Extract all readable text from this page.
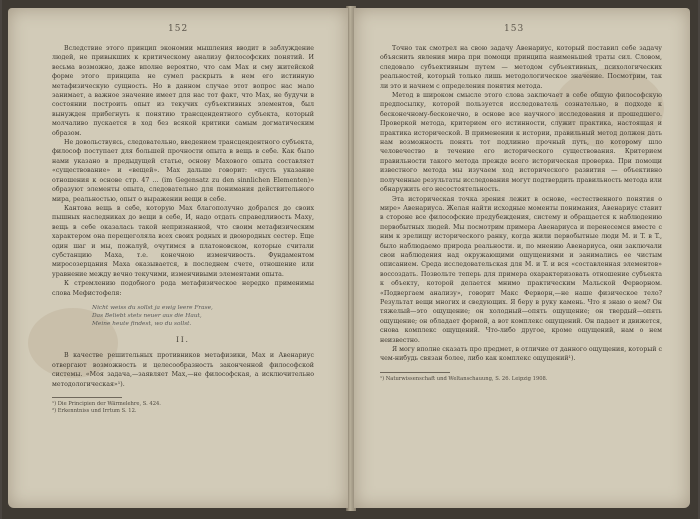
152

Вследствие этого принцип экономии мышления вводит в заблуждение людей, не привыкших к критическому анализу философских понятий. И весьма возможно, даже вполне вероятно, что сам Мах и сму житейской форме этого принципа не сумел раскрыть в нем его истинную метафизическую сущность. Но в данном случае этот вопрос нас мало занимает, а важное значение имеет для нас тот факт, что Мах, не будучи в состоянии построить опыт из текучих субъективных элементов, был вынужден прибегнуть к понятию трансцендентного субъекта, который молчаливо пускается в ход без всякой критики самым догматическим образом.

Не довольствуясь, следовательно, введением трансцендентного субъекта, философ поступает для большей прочности опыта в вещь в себе. Как было нами указано в предыдущей статье, основу Махового опыта составляет «существование» и «вещей». Мах дальше говорит: «пусть указание отношения к основе стр. 47 ... (im Gegensatz zu den sinnlichen Elementen)» образуют элементы опыта, следовательно для понимания действительного мира, реальностью, опыт о выражении вещи в себе.

Кантова вещь в себе, которую Мах благополучно добрался до своих пышных наследниках до вещи в себе, И, надо отдать справедливость Маху, вещь в себе оказалась такой непризнанной, что своим метафизическим характером она перещеголяла всех своих родных и двоюродных сестер. Еще один шаг и мы, пожалуй, очутимся в платоновском, которые считали субстанцию Маха, т.е. конечною изменчивость. Фундаментом миросозерцания Маха оказывается, в последнем счете, отношение или уравнение между вечно текучими, изменчивыми элементами опыта.

К стремлению подобного рода метафизическое нередко применимы слова Мефистофеля:

Nicht weiss du sollst ja ewig leere Frase,
Das Beliebt stets neuer aus die Haut,
Meine heute findest, wo du sollst.

II.

В качестве решительных противников метафизики, Мах и Авенариус отвергают возможность и целесообразность законченной философской системы. «Моя задача,—заявляет Мах,—не философская, а исключительно методологическая»¹).

¹) Die Principien der Wärmelehre, S. 424.

²) Erkenntniss und Irrtum S. 12.

153

Точно так смотрел на свою задачу Авенариус, который поставил себе задачу объяснить явления мира при помощи принципа наименьшей траты сил. Словом, следовало субъективным путем — методом субъективных, психологических реальностей, который только лишь методологическое значение. Посмотрим, так ли это и начнем с определения понятия метода.

Метод в широком смысле этого слова заключает в себе общую философскую предпосылку, которой пользуется исследователь сознательно, в подходе к бесконечному-бесконечно, в основе все научного исследования и прошедшего. Проверкой метода, критерием его истинности, служит практика, настоящая и практика исторической. В применении к истории, правильный метод должен дать нам возможность понять тот подлинно прочный путь, по которому шло человечество в течение его исторического существования. Критерием правильности такого метода прежде всего историческая проверка. При помощи известного метода мы изучаем ход исторического развития — объективно полученные результаты исследования могут подтвердить правильность метода или обнаружить его несостоятельность.

Эта историческая точка зрения лежит в основе, «естественного понятия о мире» Авенариуса. Желая найти исходные моменты понимания, Авенариус ставит в стороне все философские предубеждения, систему и обращается к наблюдению первобытных людей. Мы посмотрим примера Авенариуса и перенесемся вместе с ним к зрелищу исторического ранку, когда жили первобытные люди M. и T. в T., было наблюдаемо природа реальности. и, по мнению Авенариуса, они заключали свои наблюдения над окружающими ощущениями и занимались ее чистым описанием. Среда исследовательская для M. и T. и вся «составленная элементов» воссоздать. Позвольте теперь для примера охарактеризовать отношение субъекта к объекту, которой делается мнимо практическим Мальской Ферворном. «Подвергаем анализу», говорит Макс Ферворн,—не наше физическое тело? Результат вещи многих и сведующих. Я беру в руку камень. Что я знаю о нем? Он тяжелый—это ощущение; он холодный—опять ощущение; он твердый—опять ощущение; он обладает формой, а вот комплекс ощущений. Он падает и движется, снова комплекс ощущений. Что-либо другое, кроме ощущений, нам о нем неизвестно.

Я могу вполне сказать про предмет, в отличие от данного ощущения, который с чем-нибудь связан более, либо как комплекс ощущений¹).

¹) Naturwissenschaft und Weltanschauung, S. 26. Leipzig 1908.
